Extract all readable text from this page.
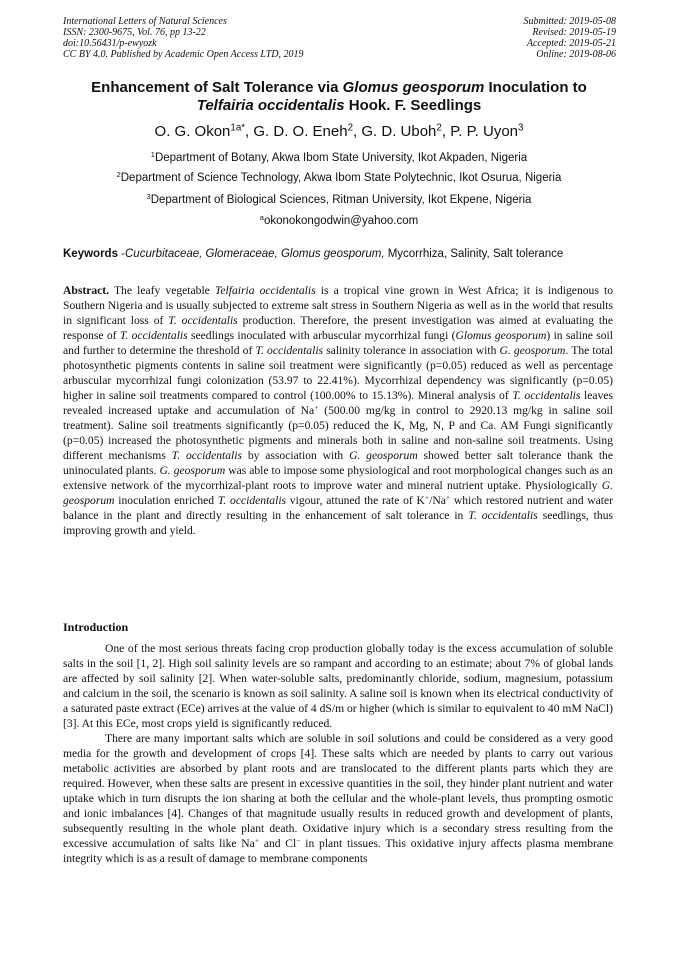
International Letters of Natural Sciences
ISSN: 2300-9675, Vol. 76, pp 13-22
doi:10.56431/p-ewyozk
CC BY 4.0. Published by Academic Open Access LTD, 2019
Submitted: 2019-05-08
Revised: 2019-05-19
Accepted: 2019-05-21
Online: 2019-08-06
Enhancement of Salt Tolerance via Glomus geosporum Inoculation to
Telfairia occidentalis Hook. F. Seedlings
O. G. Okon$^{1a*}$, G. D. O. Eneh$^2$, G. D. Uboh$^2$, P. P. Uyon$^3$
$^1$Department of Botany, Akwa Ibom State University, Ikot Akpaden, Nigeria
$^2$Department of Science Technology, Akwa Ibom State Polytechnic, Ikot Osurua, Nigeria
$^3$Department of Biological Sciences, Ritman University, Ikot Ekpene, Nigeria
$^a$okonokongodwin@yahoo.com
Keywords -Cucurbitaceae, Glomeraceae, Glomus geosporum, Mycorrhiza, Salinity, Salt tolerance

Abstract. The leafy vegetable Telfairia occidentalis is a tropical vine grown in West Africa; it is indigenous to Southern Nigeria and is usually subjected to extreme salt stress in Southern Nigeria as well as in the world that results in significant loss of T. occidentalis production. Therefore, the present investigation was aimed at evaluating the response of T. occidentalis seedlings inoculated with arbuscular mycorrhizal fungi (Glomus geosporum) in saline soil and further to determine the threshold of T. occidentalis salinity tolerance in association with G. geosporum. The total photosynthetic pigments contents in saline soil treatment were significantly (p=0.05) reduced as well as percentage arbuscular mycorrhizal fungi colonization (53.97 to 22.41%). Mycorrhizal dependency was significantly (p=0.05) higher in saline soil treatments compared to control (100.00% to 15.13%). Mineral analysis of T. occidentalis leaves revealed increased uptake and accumulation of Na+ (500.00 mg/kg in control to 2920.13 mg/kg in saline soil treatment). Saline soil treatments significantly (p=0.05) reduced the K, Mg, N, P and Ca. AM Fungi significantly (p=0.05) increased the photosynthetic pigments and minerals both in saline and non-saline soil treatments. Using different mechanisms T. occidentalis by association with G. geosporum showed better salt tolerance thank the uninoculated plants. G. geosporum was able to impose some physiological and root morphological changes such as an extensive network of the mycorrhizal-plant roots to improve water and mineral nutrient uptake. Physiologically G. geosporum inoculation enriched T. occidentalis vigour, attuned the rate of K+/Na+ which restored nutrient and water balance in the plant and directly resulting in the enhancement of salt tolerance in T. occidentalis seedlings, thus improving growth and yield.

Introduction

One of the most serious threats facing crop production globally today is the excess accumulation of soluble salts in the soil [1, 2]. High soil salinity levels are so rampant and according to an estimate; about 7% of global lands are affected by soil salinity [2]. When water-soluble salts, predominantly chloride, sodium, magnesium, potassium and calcium in the soil, the scenario is known as soil salinity. A saline soil is known when its electrical conductivity of a saturated paste extract (ECe) arrives at the value of 4 dS/m or higher (which is similar to equivalent to 40 mM NaCl) [3]. At this ECe, most crops yield is significantly reduced.

There are many important salts which are soluble in soil solutions and could be considered as a very good media for the growth and development of crops [4]. These salts which are needed by plants to carry out various metabolic activities are absorbed by plant roots and are translocated to the different plants parts which they are required. However, when these salts are present in excessive quantities in the soil, they hinder plant nutrient and water uptake which in turn disrupts the ion sharing at both the cellular and the whole-plant levels, thus prompting osmotic and ionic imbalances [4]. Changes of that magnitude usually results in reduced growth and development of plants, subsequently resulting in the whole plant death. Oxidative injury which is a secondary stress resulting from the excessive accumulation of salts like Na+ and Cl− in plant tissues. This oxidative injury affects plasma membrane integrity which is as a result of damage to membrane components
